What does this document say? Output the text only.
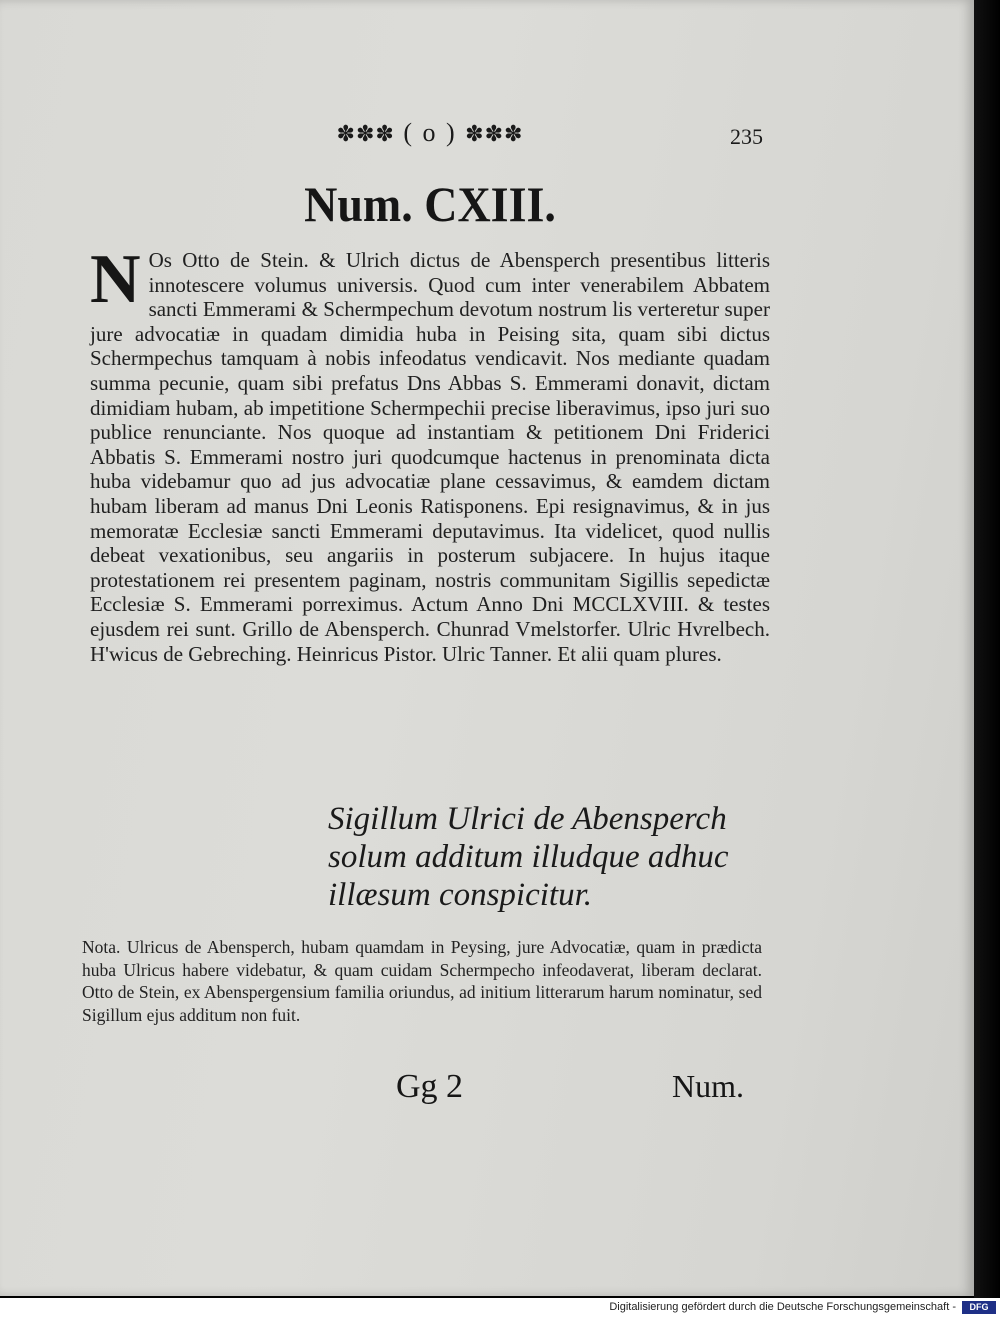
✽✽✽ ( o ) ✽✽✽	235
Num. CXIII.
N Os Otto de Stein. & Ulrich dictus de Abensperch presentibus litteris innotescere volumus universis. Quod cum inter venerabilem Abbatem sancti Emmerami & Schermpechum devotum nostrum lis verteretur super jure advocatiæ in quadam dimidia huba in Peising sita, quam sibi dictus Schermpechus tamquam à nobis infeodatus vendicavit. Nos mediante quadam summa pecunie, quam sibi prefatus Dns Abbas S. Emmerami donavit, dictam dimidiam hubam, ab impetitione Schermpechii precise liberavimus, ipso juri suo publice renunciante. Nos quoque ad instantiam & petitionem Dni Friderici Abbatis S. Emmerami nostro juri quodcumque hactenus in prenominata dicta huba videbamur quo ad jus advocatiæ plane cessavimus, & eamdem dictam hubam liberam ad manus Dni Leonis Ratisponens. Epi resignavimus, & in jus memoratæ Ecclesiæ sancti Emmerami deputavimus. Ita videlicet, quod nullis debeat vexationibus, seu angariis in posterum subjacere. In hujus itaque protestationem rei presentem paginam, nostris communitam Sigillis sepedictæ Ecclesiæ S. Emmerami porreximus. Actum Anno Dni MCCLXVIII. & testes ejusdem rei sunt. Grillo de Abensperch. Chunrad Vmelstorfer. Ulric Hvrelbech. H'wicus de Gebreching. Heinricus Pistor. Ulric Tanner. Et alii quam plures.
Sigillum Ulrici de Abensperch solum additum illudque adhuc illæsum conspicitur.
Nota. Ulricus de Abensperch, hubam quamdam in Peysing, jure Advocatiæ, quam in prædicta huba Ulricus habere videbatur, & quam cuidam Schermpecho infeodaverat, liberam declarat. Otto de Stein, ex Abenspergensium familia oriundus, ad initium litterarum harum nominatur, sed Sigillum ejus additum non fuit.
Gg 2	Num.
Digitalisierung gefördert durch die Deutsche Forschungsgemeinschaft -	DFG
